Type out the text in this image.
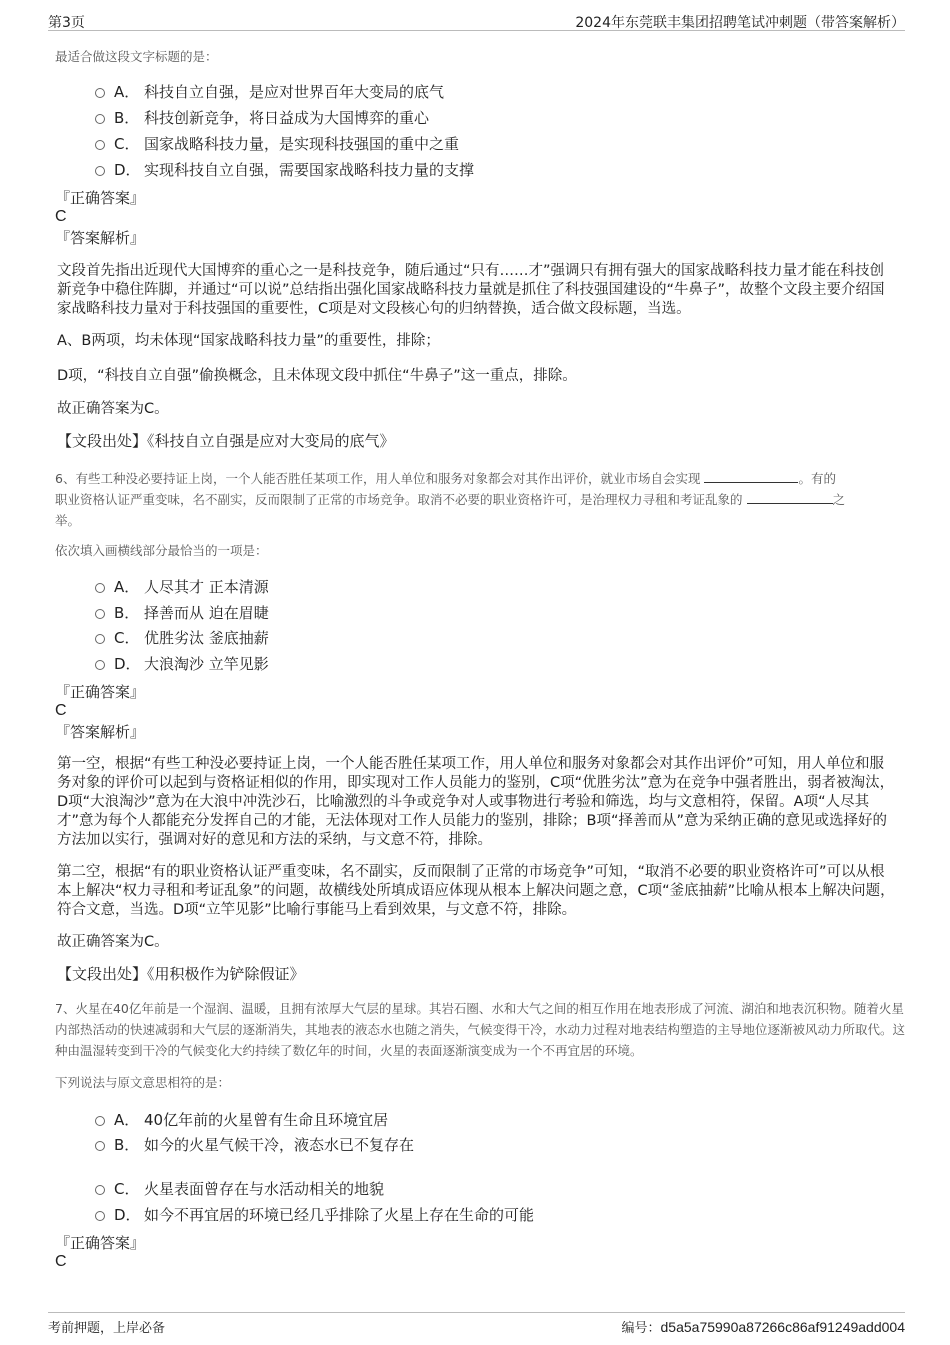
第3页	2024年东莞联丰集团招聘笔试冲刺题（带答案解析）
最适合做这段文字标题的是：
A． 科技自立自强，是应对世界百年大变局的底气
B． 科技创新竞争，将日益成为大国博弈的重心
C． 国家战略科技力量，是实现科技强国的重中之重
D． 实现科技自立自强，需要国家战略科技力量的支撑
『正确答案』
C
『答案解析』
文段首先指出近现代大国博弈的重心之一是科技竞争，随后通过“只有……才”强调只有拥有强大的国家战略科技力量才能在科技创新竞争中稳住阵脚，并通过“可以说”总结指出强化国家战略科技力量就是抓住了科技强国建设的“牛鼻子”，故整个文段主要介绍国家战略科技力量对于科技强国的重要性，C项是对文段核心句的归纳替换，适合做文段标题，当选。
A、B两项，均未体现“国家战略科技力量”的重要性，排除；
D项，“科技自立自强”偷换概念，且未体现文段中抓住“牛鼻子”这一重点，排除。
故正确答案为C。
【文段出处】《科技自立自强是应对大变局的底气》
6、有些工种没必要持证上岗，一个人能否胜任某项工作，用人单位和服务对象都会对其作出评价，就业市场自会实现	。有的
职业资格认证严重变味，名不副实，反而限制了正常的市场竞争。取消不必要的职业资格许可，是治理权力寻租和考证乱象的	之
举。
依次填入画横线部分最恰当的一项是：
A． 人尽其才 正本清源
B． 择善而从 迫在眉睫
C． 优胜劣汰 釜底抽薪
D． 大浪淘沙 立竿见影
『正确答案』
C
『答案解析』
第一空，根据“有些工种没必要持证上岗，一个人能否胜任某项工作，用人单位和服务对象都会对其作出评价”可知，用人单位和服务对象的评价可以起到与资格证相似的作用，即实现对工作人员能力的鉴别，C项“优胜劣汰”意为在竞争中强者胜出，弱者被淘汰，D项“大浪淘沙”意为在大浪中冲洗沙石，比喻激烈的斗争或竞争对人或事物进行考验和筛选，均与文意相符，保留。A项“人尽其才”意为每个人都能充分发挥自己的才能，无法体现对工作人员能力的鉴别，排除；B项“择善而从”意为采纳正确的意见或选择好的方法加以实行，强调对好的意见和方法的采纳，与文意不符，排除。
第二空，根据“有的职业资格认证严重变味，名不副实，反而限制了正常的市场竞争”可知，“取消不必要的职业资格许可”可以从根本上解决“权力寻租和考证乱象”的问题，故横线处所填成语应体现从根本上解决问题之意，C项“釜底抽薪”比喻从根本上解决问题，符合文意，当选。D项“立竿见影”比喻行事能马上看到效果，与文意不符，排除。
故正确答案为C。
【文段出处】《用积极作为铲除假证》
7、火星在40亿年前是一个湿润、温暖，且拥有浓厚大气层的星球。其岩石圈、水和大气之间的相互作用在地表形成了河流、湖泊和地表沉积物。随着火星内部热活动的快速减弱和大气层的逐渐消失，其地表的液态水也随之消失，气候变得干冷，水动力过程对地表结构塑造的主导地位逐渐被风动力所取代。这种由温湿转变到干冷的气候变化大约持续了数亿年的时间，火星的表面逐渐演变成为一个不再宜居的环境。
下列说法与原文意思相符的是：
A． 40亿年前的火星曾有生命且环境宜居
B． 如今的火星气候干冷，液态水已不复存在
C． 火星表面曾存在与水活动相关的地貌
D． 如今不再宜居的环境已经几乎排除了火星上存在生命的可能
『正确答案』
C
考前押题，上岸必备	编号：d5a5a75990a87266c86af91249add004
